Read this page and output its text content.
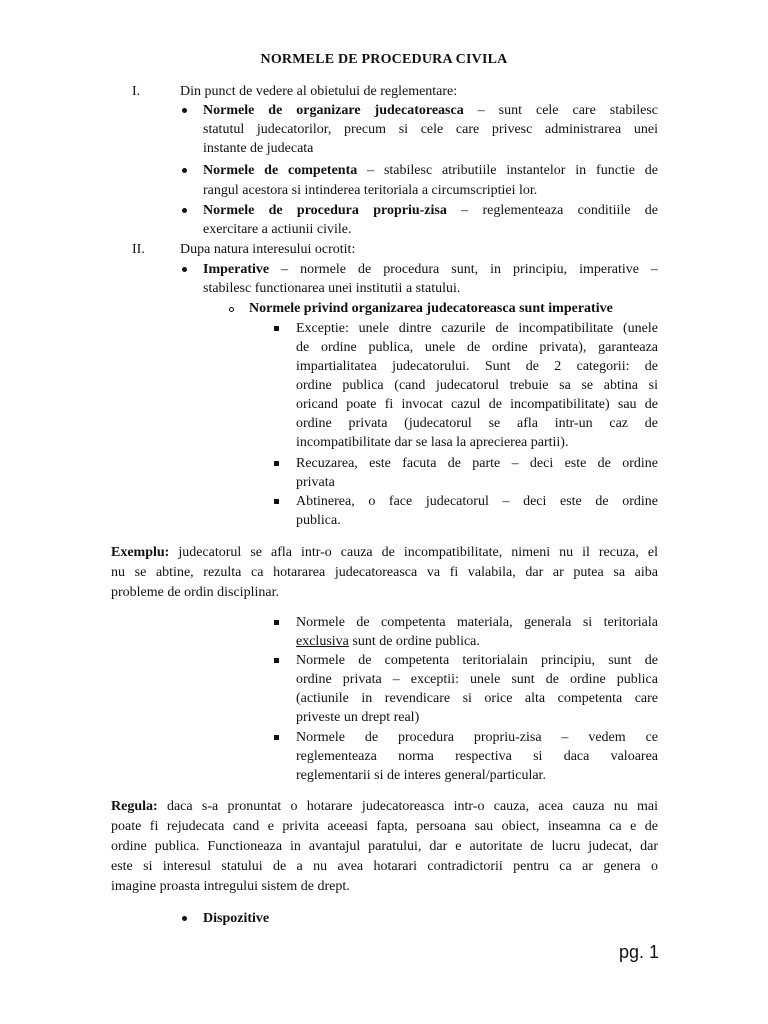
NORMELE DE PROCEDURA CIVILA
I.	Din punct de vedere al obietului de reglementare:
Normele de organizare judecatoreasca – sunt cele care stabilesc
statutul judecatorilor, precum si cele care privesc administrarea unei
instante de judecata
Normele de competenta – stabilesc atributiile instantelor in functie de
rangul acestora si intinderea teritoriala a circumscriptiei lor.
Normele de procedura propriu-zisa – reglementeaza conditiile de
exercitare a actiunii civile.
II.	Dupa natura interesului ocrotit:
Imperative – normele de procedura sunt, in principiu, imperative –
stabilesc functionarea unei institutii a statului.
Normele privind organizarea judecatoreasca sunt imperative
Exceptie: unele dintre cazurile de incompatibilitate (unele
de ordine publica, unele de ordine privata), garanteaza
impartialitatea judecatorului. Sunt de 2 categorii: de
ordine publica (cand judecatorul trebuie sa se abtina si
oricand poate fi invocat cazul de incompatibilitate) sau de
ordine privata (judecatorul se afla intr-un caz de
incompatibilitate dar se lasa la aprecierea partii).
Recuzarea, este facuta de parte – deci este de ordine
privata
Abtinerea, o face judecatorul – deci este de ordine
publica.
Exemplu: judecatorul se afla intr-o cauza de incompatibilitate, nimeni nu il recuza, el
nu se abtine, rezulta ca hotararea judecatoreasca va fi valabila, dar ar putea sa aiba
probleme de ordin disciplinar.
Normele de competenta materiala, generala si teritoriala
exclusiva sunt de ordine publica.
Normele de competenta teritorialain principiu, sunt de
ordine privata – exceptii: unele sunt de ordine publica
(actiunile in revendicare si orice alta competenta care
priveste un drept real)
Normele de procedura propriu-zisa – vedem ce
reglementeaza norma respectiva si daca valoarea
reglementarii si de interes general/particular.
Regula: daca s-a pronuntat o hotarare judecatoreasca intr-o cauza, acea cauza nu mai
poate fi rejudecata cand e privita aceeasi fapta, persoana sau obiect, inseamna ca e de
ordine publica. Functioneaza in avantajul paratului, dar e autoritate de lucru judecat, dar
este si interesul statului de a nu avea hotarari contradictorii pentru ca ar genera o
imagine proasta intregului sistem de drept.
Dispozitive
pg. 1
